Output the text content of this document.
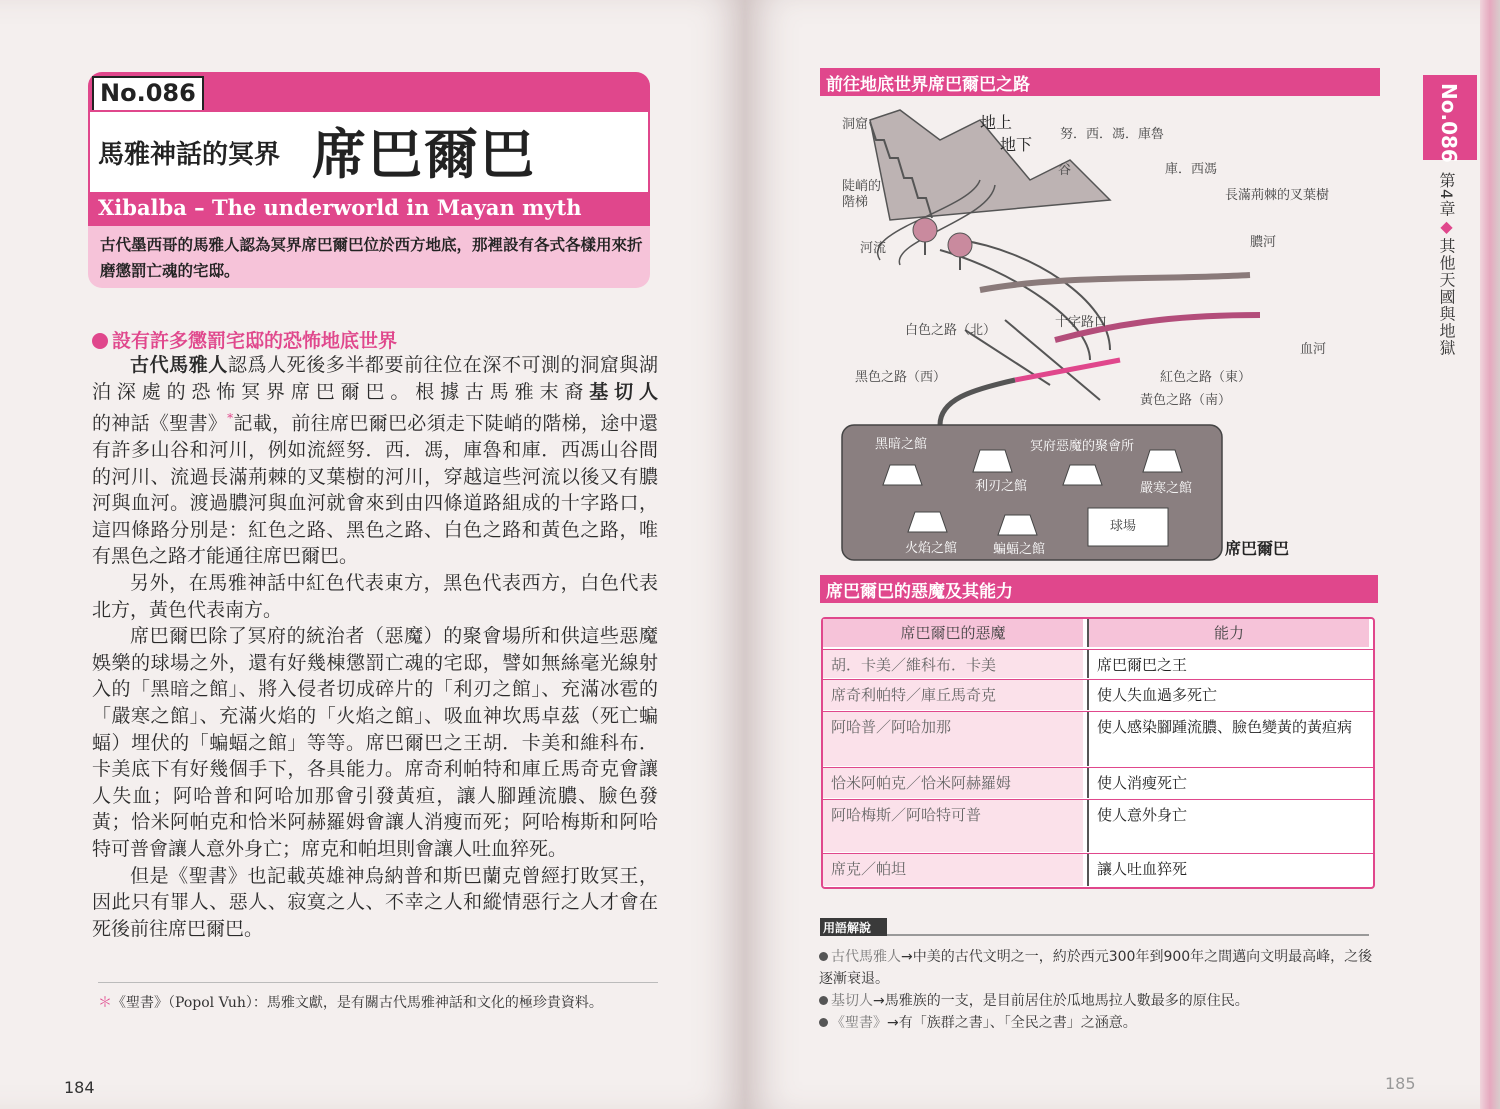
No.086
馬雅神話的冥界 席巴爾巴
Xibalba – The underworld in Mayan myth
古代墨西哥的馬雅人認為冥界席巴爾巴位於西方地底，那裡設有各式各樣用來折磨懲罰亡魂的宅邸。
設有許多懲罰宅邸的恐怖地底世界

古代馬雅人認爲人死後多半都要前往位在深不可測的洞窟與湖泊深處的恐怖冥界席巴爾巴。根據古馬雅末裔基切人的神話《聖書》*記載，前往席巴爾巴必須走下陡峭的階梯，途中還有許多山谷和河川，例如流經努．西．馮，庫魯和庫．西馮山谷間的河川、流過長滿荊棘的叉葉樹的河川，穿越這些河流以後又有膿河與血河。渡過膿河與血河就會來到由四條道路組成的十字路口，這四條路分別是：紅色之路、黑色之路、白色之路和黃色之路，唯有黑色之路才能通往席巴爾巴。

另外，在馬雅神話中紅色代表東方，黑色代表西方，白色代表北方，黃色代表南方。

席巴爾巴除了冥府的統治者（惡魔）的聚會場所和供這些惡魔娛樂的球場之外，還有好幾棟懲罰亡魂的宅邸，譬如無絲毫光線射入的「黑暗之館」、將入侵者切成碎片的「利刃之館」、充滿冰雹的「嚴寒之館」、充滿火焰的「火焰之館」、吸血神坎馬卓茲（死亡蝙蝠）埋伏的「蝙蝠之館」等等。席巴爾巴之王胡．卡美和維科布．卡美底下有好幾個手下，各具能力。席奇利帕特和庫丘馬奇克會讓人失血；阿哈普和阿哈加那會引發黃疸，讓人腳踵流膿、臉色發黃；恰米阿帕克和恰米阿赫羅姆會讓人消瘦而死；阿哈梅斯和阿哈特可普會讓人意外身亡；席克和帕坦則會讓人吐血猝死。

但是《聖書》也記載英雄神烏納普和斯巴蘭克曾經打敗冥王，因此只有罪人、惡人、寂寞之人、不幸之人和縱情惡行之人才會在死後前往席巴爾巴。

＊《聖書》（Popol Vuh）：馬雅文獻，是有關古代馬雅神話和文化的極珍貴資料。
184
前往地底世界席巴爾巴之路
洞窟
陡峭的
階梯
地上
地下
努．西．馮．庫魯
谷	庫．西馮
長滿荊棘的叉葉樹
河流	膿河
十字路口
白色之路（北）
血河
黑色之路（西）	紅色之路（東）
黃色之路（南）
黑暗之館	冥府惡魔的聚會所
利刃之館	嚴寒之館
火焰之館	蝙蝠之館
球場
席巴爾巴
席巴爾巴的惡魔及其能力
席巴爾巴的惡魔	能力
胡．卡美／維科布．卡美	席巴爾巴之王
席奇利帕特／庫丘馬奇克	使人失血過多死亡
阿哈普／阿哈加那	使人感染腳踵流膿、臉色變黃的黃疸病
恰米阿帕克／恰米阿赫羅姆	使人消瘦死亡
阿哈梅斯／阿哈特可普	使人意外身亡
席克／帕坦	讓人吐血猝死
用語解說

古代馬雅人→中美的古代文明之一，約於西元300年到900年之間邁向文明最高峰，之後逐漸衰退。

基切人→馬雅族的一支，是目前居住於瓜地馬拉人數最多的原住民。

《聖書》→有「族群之書」、「全民之書」之涵意。

No.086
第4章◆其他天國與地獄
185
